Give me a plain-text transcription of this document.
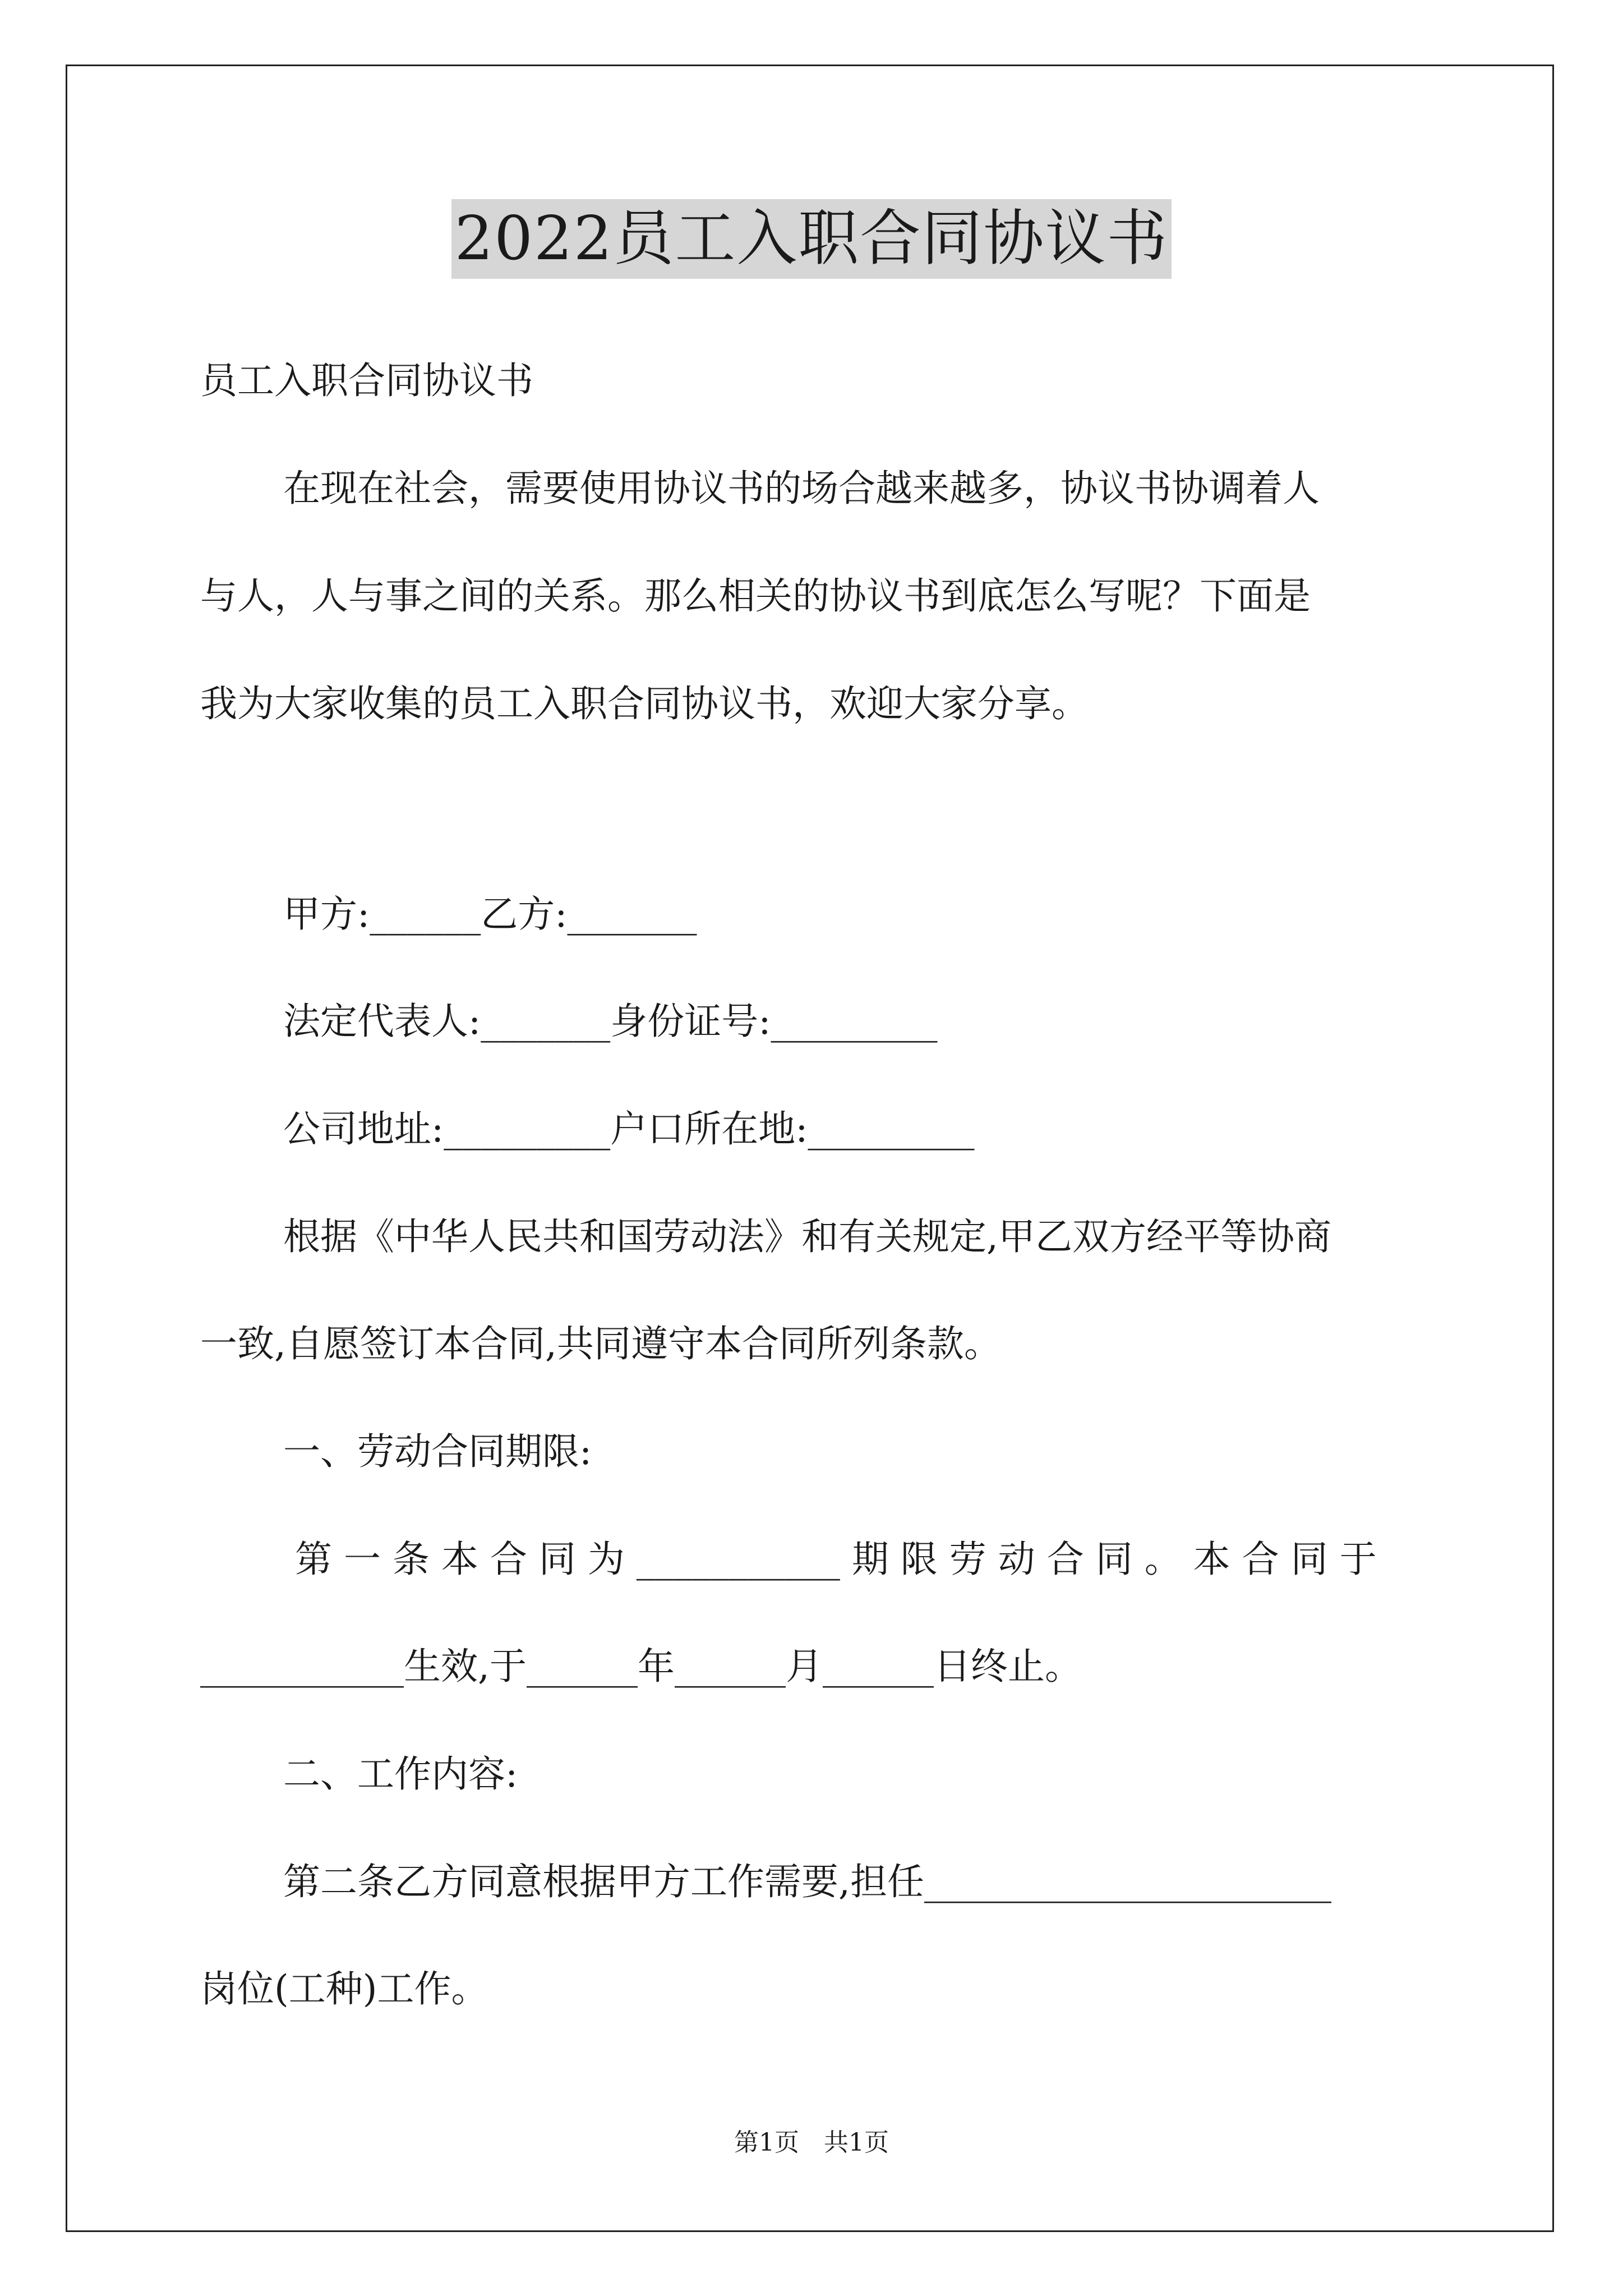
2022员工入职合同协议书
员工入职合同协议书
在现在社会，需要使用协议书的场合越来越多，协议书协调着人
与人，人与事之间的关系。那么相关的协议书到底怎么写呢？下面是
我为大家收集的员工入职合同协议书，欢迎大家分享。
甲方:______乙方:_______
法定代表人:_______身份证号:_________
公司地址:_________户口所在地:_________
根据《中华人民共和国劳动法》和有关规定,甲乙双方经平等协商
一致,自愿签订本合同,共同遵守本合同所列条款。
一、劳动合同期限:
第 一 条 本 合 同 为 ___________ 期 限 劳 动 合 同 。 本 合 同 于
___________生效,于______年______月______日终止。
二、工作内容:
第二条乙方同意根据甲方工作需要,担任______________________
岗位(工种)工作。
第1页　共1页
